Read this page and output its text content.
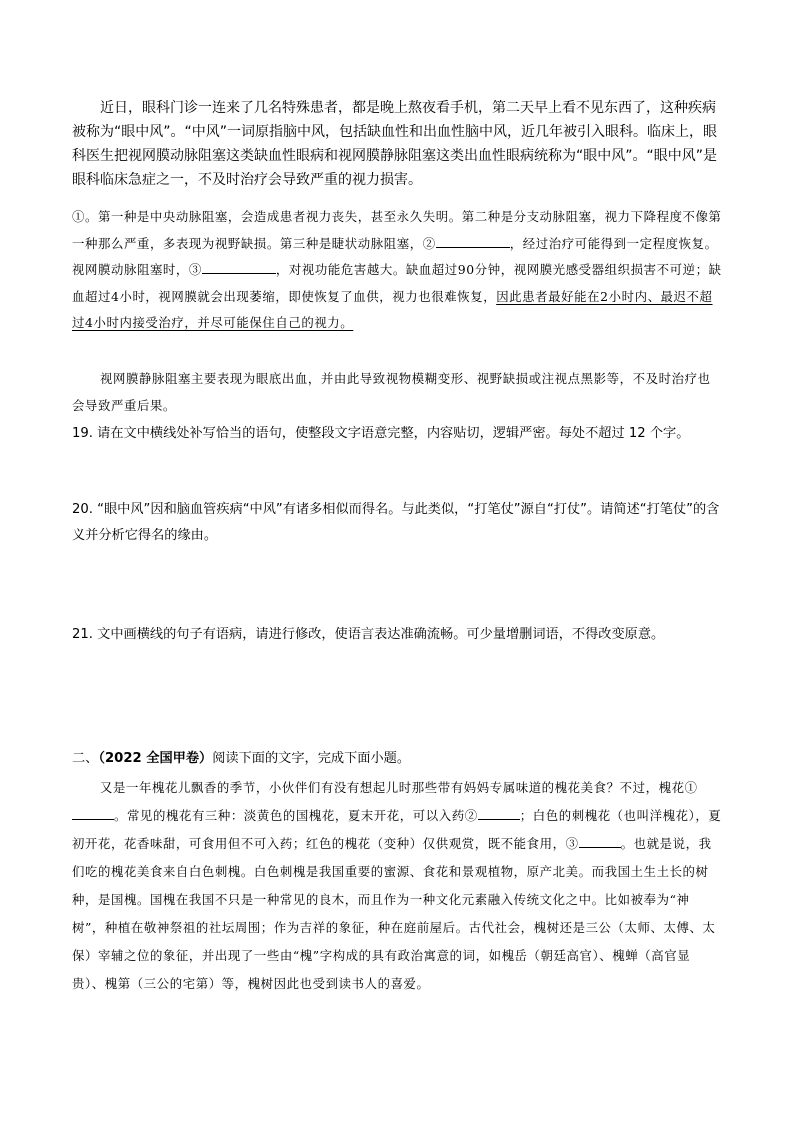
近日，眼科门诊一连来了几名特殊患者，都是晚上熬夜看手机，第二天早上看不见东西了，这种疾病被称为“眼中风”。“中风”一词原指脑中风，包括缺血性和出血性脑中风，近几年被引入眼科。临床上，眼科医生把视网膜动脉阻塞这类缺血性眼病和视网膜静脉阻塞这类出血性眼病统称为“眼中风”。“眼中风”是眼科临床急症之一，不及时治疗会导致严重的视力损害。

①。第一种是中央动脉阻塞，会造成患者视力丧失，甚至永久失明。第二种是分支动脉阻塞，视力下降程度不像第一种那么严重，多表现为视野缺损。第三种是睫状动脉阻塞，②	，经过治疗可能得到一定程度恢复。视网膜动脉阻塞时，③	，对视功能危害越大。缺血超过90分钟，视网膜光感受器组织损害不可逆；缺血超过4小时，视网膜就会出现萎缩，即使恢复了血供，视力也很难恢复，因此患者最好能在2小时内、最迟不超过4小时内接受治疗，并尽可能保住自己的视力。

视网膜静脉阻塞主要表现为眼底出血，并由此导致视物模糊变形、视野缺损或注视点黑影等，不及时治疗也会导致严重后果。

19. 请在文中横线处补写恰当的语句，使整段文字语意完整，内容贴切，逻辑严密。每处不超过 12 个字。

20. “眼中风”因和脑血管疾病“中风”有诸多相似而得名。与此类似，“打笔仗”源自“打仗”。请简述“打笔仗”的含义并分析它得名的缘由。

21. 文中画横线的句子有语病，请进行修改，使语言表达准确流畅。可少量增删词语，不得改变原意。

二、（2022 全国甲卷）阅读下面的文字，完成下面小题。

又是一年槐花儿飘香的季节，小伙伴们有没有想起儿时那些带有妈妈专属味道的槐花美食？不过，槐花①。常见的槐花有三种：淡黄色的国槐花，夏末开花，可以入药②	；白色的刺槐花（也叫洋槐花），夏初开花，花香味甜，可食用但不可入药；红色的槐花（变种）仅供观赏，既不能食用，③	。也就是说，我们吃的槐花美食来自白色刺槐。白色刺槐是我国重要的蜜源、食花和景观植物，原产北美。而我国土生土长的树种，是国槐。国槐在我国不只是一种常见的良木，而且作为一种文化元素融入传统文化之中。比如被奉为“神树”，种植在敬神祭祖的社坛周围；作为吉祥的象征，种在庭前屋后。古代社会，槐树还是三公（太师、太傅、太保）宰辅之位的象征，并出现了一些由“槐”字构成的具有政治寓意的词，如槐岳（朝廷高官）、槐蝉（高官显贵）、槐第（三公的宅第）等，槐树因此也受到读书人的喜爱。
